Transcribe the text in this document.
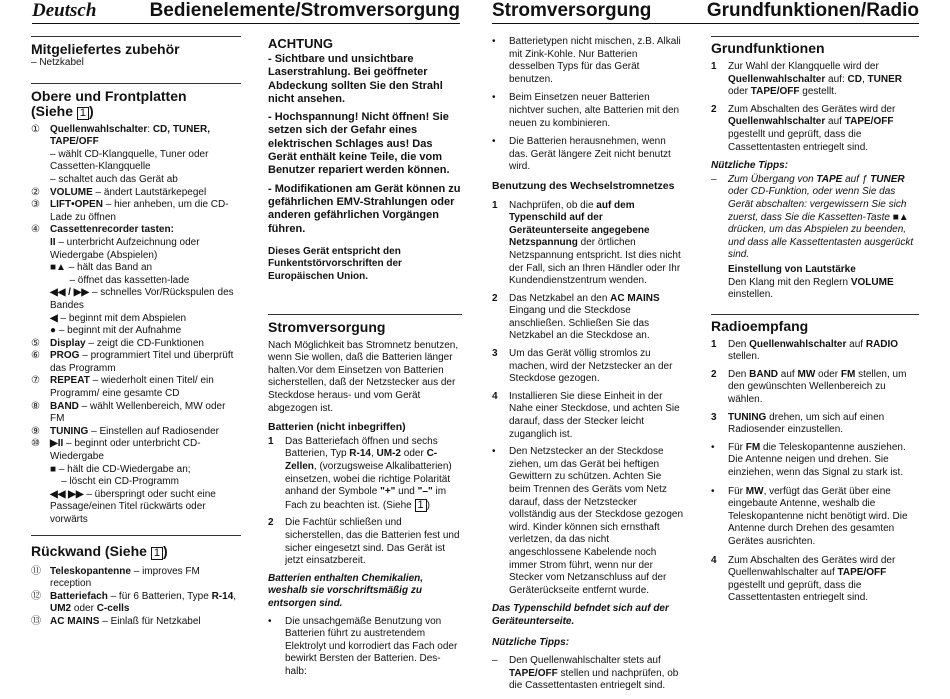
Deutsch	Bedienelemente/Stromversorgung Stromversorgung	Grundfunktionen/Radio
Mitgeliefertes zubehör
– Netzkabel
Obere und Frontplatten
(Siehe 1 )
①	Quellenwahlschalter: CD, TUNER, TAPE/OFF
– wählt CD-Klangquelle, Tuner oder Cassetten-Klangquelle
– schaltet auch das Gerät ab
②	VOLUME – ändert Lautstärkepegel
③	LIFT•OPEN – hier anheben, um die CD-Lade zu öffnen
④	Cassettenrecorder tasten:
II – unterbricht Aufzeichnung oder Wiedergabe (Abspielen)
■▲ – hält das Band an
– öffnet das kassetten-lade
◀◀ / ▶▶ – schnelles Vor/Rückspulen des Bandes
◀ – beginnt mit dem Abspielen
● – beginnt mit der Aufnahme
⑤	Display – zeigt die CD-Funktionen
⑥	PROG – programmiert Titel und überprüft das Programm
⑦	REPEAT – wiederholt einen Titel/ ein Programm/ eine gesamte CD
⑧	BAND – wählt Wellenbereich, MW oder FM
⑨	TUNING – Einstellen auf Radiosender
⑩	▶II – beginnt oder unterbricht CD-Wiedergabe
■ – hält die CD-Wiedergabe an;
– löscht ein CD-Programm
◀◀ ▶▶ – überspringt oder sucht eine Passage/einen Titel rückwärts oder vorwärts
Rückwand (Siehe 1 )
⑪ Teleskopantenne – improves FM reception
⑫ Batteriefach – für 6 Batterien, Type R-14, UM2 oder C-cells
⑬ AC MAINS – Einlaß für Netzkabel
ACHTUNG
- Sichtbare und unsichtbare Laserstrahlung. Bei geöffneter Abdeckung sollten Sie den Strahl nicht ansehen.
- Hochspannung! Nicht öffnen! Sie setzen sich der Gefahr eines elektrischen Schlages aus! Das Gerät enthält keine Teile, die vom Benutzer repariert werden können.
- Modifikationen am Gerät können zu gefährlichen EMV-Strahlungen oder anderen gefährlichen Vorgängen führen.
Dieses Gerät entspricht den Funkentstörvorschriften der Europäischen Union.
Stromversorgung

Nach Möglichkeit bas Stromnetz benutzen, wenn Sie wollen, daß die Batterien länger halten.Vor dem Einsetzen von Batterien sicherstellen, daß der Netzstecker aus der Steckdose heraus- und vom Gerät abgezogen ist.

Batterien (nicht inbegriffen)
1	Das Batteriefach öffnen und sechs Batterien, Typ R-14, UM-2 oder C-Zellen, (vorzugsweise Alkalibatterien) einsetzen, wobei die richtige Polarität anhand der Symbole "+" und "–" im Fach zu beachten ist. (Siehe 1 )
2	Die Fachtür schließen und sicherstellen, das die Batterien fest und sicher eingesetzt sind. Das Gerät ist jetzt einsatzbereit.
Batterien enthalten Chemikalien, weshalb sie vorschriftsmäßig zu entsorgen sind.
•	Die unsachgemäße Benutzung von Batterien führt zu austretendem Elektrolyt und korrodiert das Fach oder bewirkt Bersten der Batterien. Des-halb:
•	Batterietypen nicht mischen, z.B. Alkali mit Zink-Kohle. Nur Batterien desselben Typs für das Gerät benutzen.
•	Beim Einsetzen neuer Batterien nichtver suchen, alte Batterien mit den neuen zu kombinieren.
•	Die Batterien herausnehmen, wenn das. Gerät längere Zeit nicht benutzt wird.
Benutzung des Wechselstromnetzes
1	Nachprüfen, ob die auf dem Typenschild auf der Geräteunterseite angegebene Netzspannung der örtlichen Netzspannung entspricht. Ist dies nicht der Fall, sich an Ihren Händler oder Ihr Kundendienstzentrum wenden.
2	Das Netzkabel an den AC MAINS Eingang und die Steckdose anschließen. Schließen Sie das Netzkabel an die Steckdose an.
3	Um das Gerät völlig stromlos zu machen, wird der Netzstecker an der Steckdose gezogen.
4	Installieren Sie diese Einheit in der Nahe einer Steckdose, und achten Sie darauf, dass der Stecker leicht zuganglich ist.
•	Den Netzstecker an der Steckdose ziehen, um das Gerät bei heftigen Gewittern zu schützen. Achten Sie beim Trennen des Geräts vom Netz darauf, dass der Netzstecker vollständig aus der Steckdose gezogen wird. Kinder können sich ernsthaft verletzen, da das nicht angeschlossene Kabelende noch immer Strom führt, wenn nur der Stecker vom Netzanschluss auf der Geräterückseite entfernt wurde.
Das Typenschild befndet sich auf der Geräteunterseite.
Nützliche Tipps:
–	Den Quellenwahlschalter stets auf TAPE/OFF stellen und nachprüfen, ob die Cassettentasten entriegelt sind.
Grundfunktionen
1	Zur Wahl der Klangquelle wird der Quellenwahlschalter auf: CD, TUNER oder TAPE/OFF gestellt.
2	Zum Abschalten des Gerätes wird der Quellenwahlschalter auf TAPE/OFF pgestellt und geprüft, dass die Cassettentasten entriegelt sind.
Nützliche Tipps:
–	Zum Übergang von TAPE auf ƒ TUNER oder CD-Funktion, oder wenn Sie das Gerät abschalten: vergewissern Sie sich zuerst, dass Sie die Kassetten-Taste ■▲ drücken, um das Abspielen zu beenden, und dass alle Kassettentasten ausgerückt sind.
Einstellung von Lautstärke
Den Klang mit den Reglern VOLUME einstellen.
Radioempfang
1	Den Quellenwahlschalter auf RADIO stellen.
2	Den BAND auf MW oder FM stellen, um den gewünschten Wellenbereich zu wählen.
3	TUNING drehen, um sich auf einen Radiosender einzustellen.
•	Für FM die Teleskopantenne ausziehen. Die Antenne neigen und drehen. Sie einziehen, wenn das Signal zu stark ist.
•	Für MW, verfügt das Gerät über eine eingebaute Antenne, weshalb die Teleskopantenne nicht benötigt wird. Die Antenne durch Drehen des gesamten Gerätes ausrichten.
4	Zum Abschalten des Gerätes wird der Quellenwahlschalter auf TAPE/OFF pgestellt und geprüft, dass die Cassettentasten entriegelt sind.
